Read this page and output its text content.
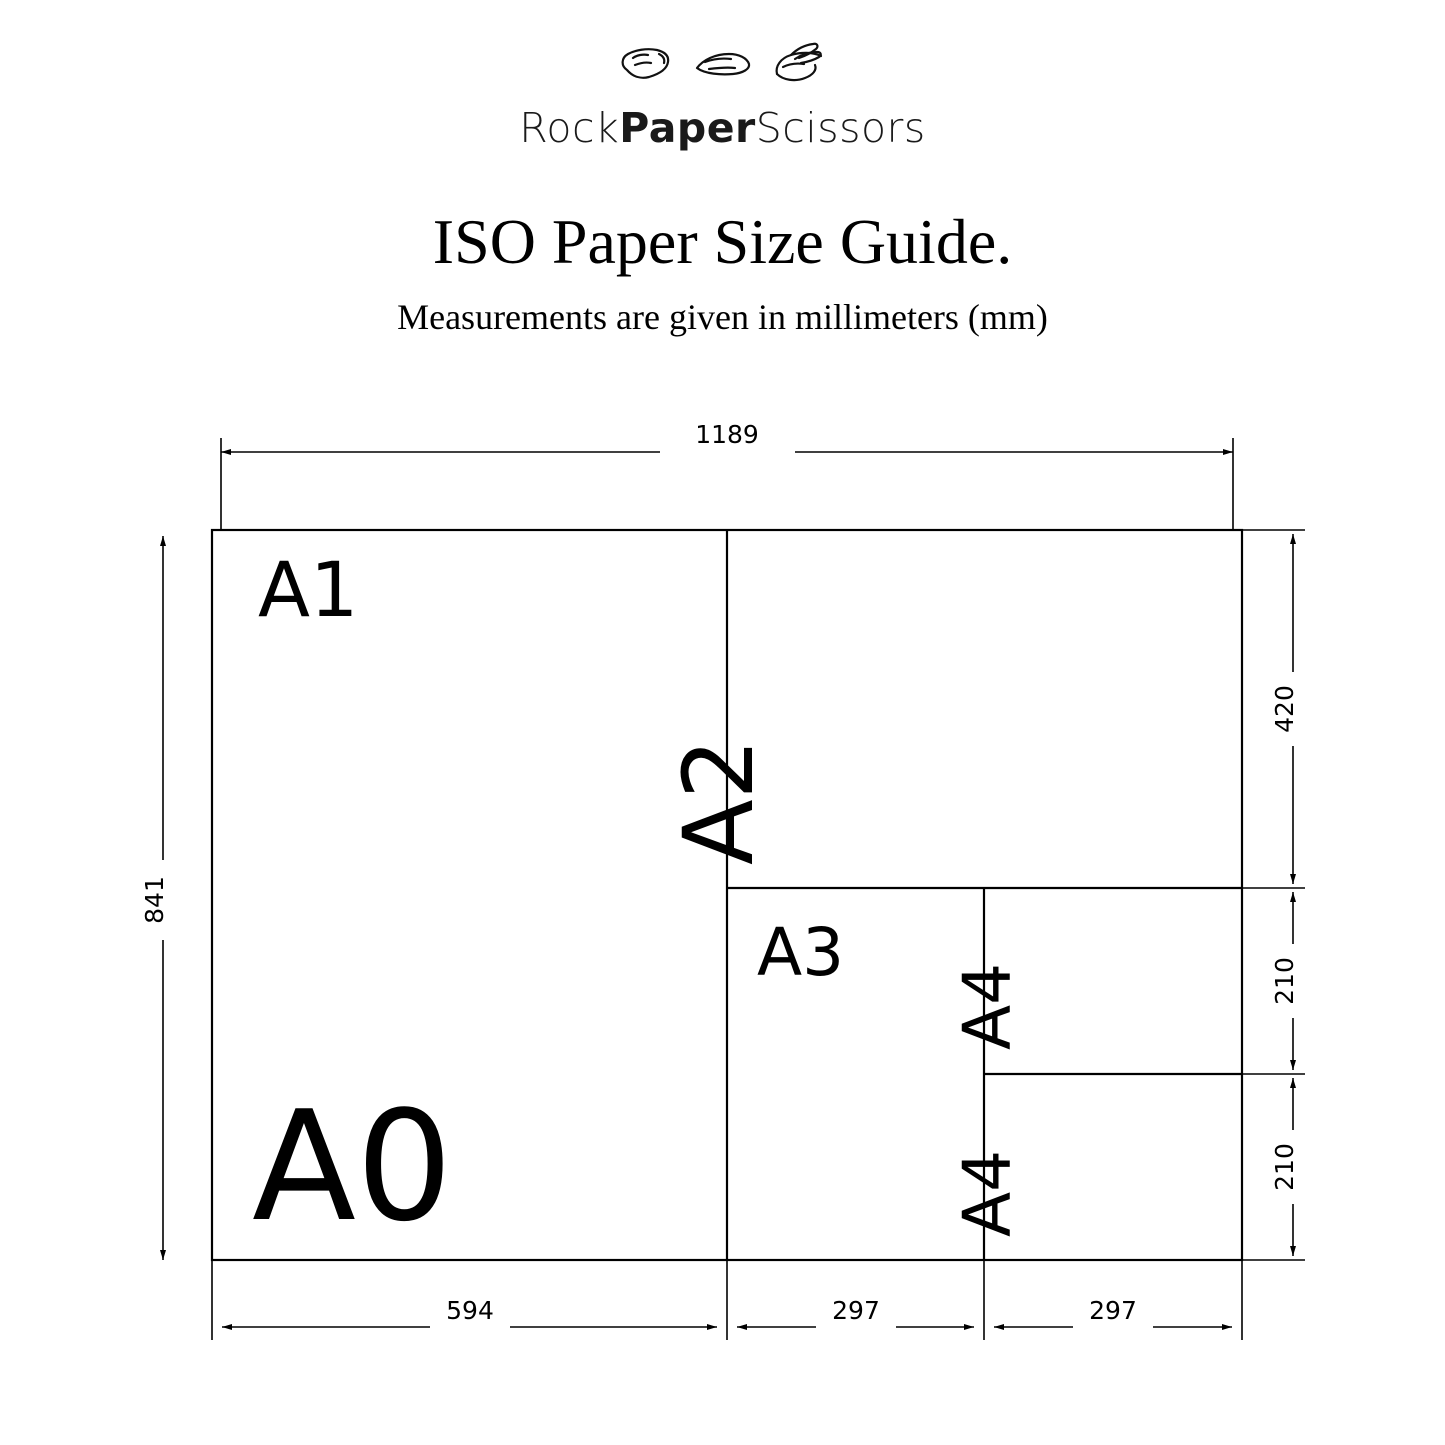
RockPaperScissors
ISO Paper Size Guide.
Measurements are given in millimeters (mm)
A1
A0
A2
A3
A4
A4
1189
841
420
210
210
594	297	297
